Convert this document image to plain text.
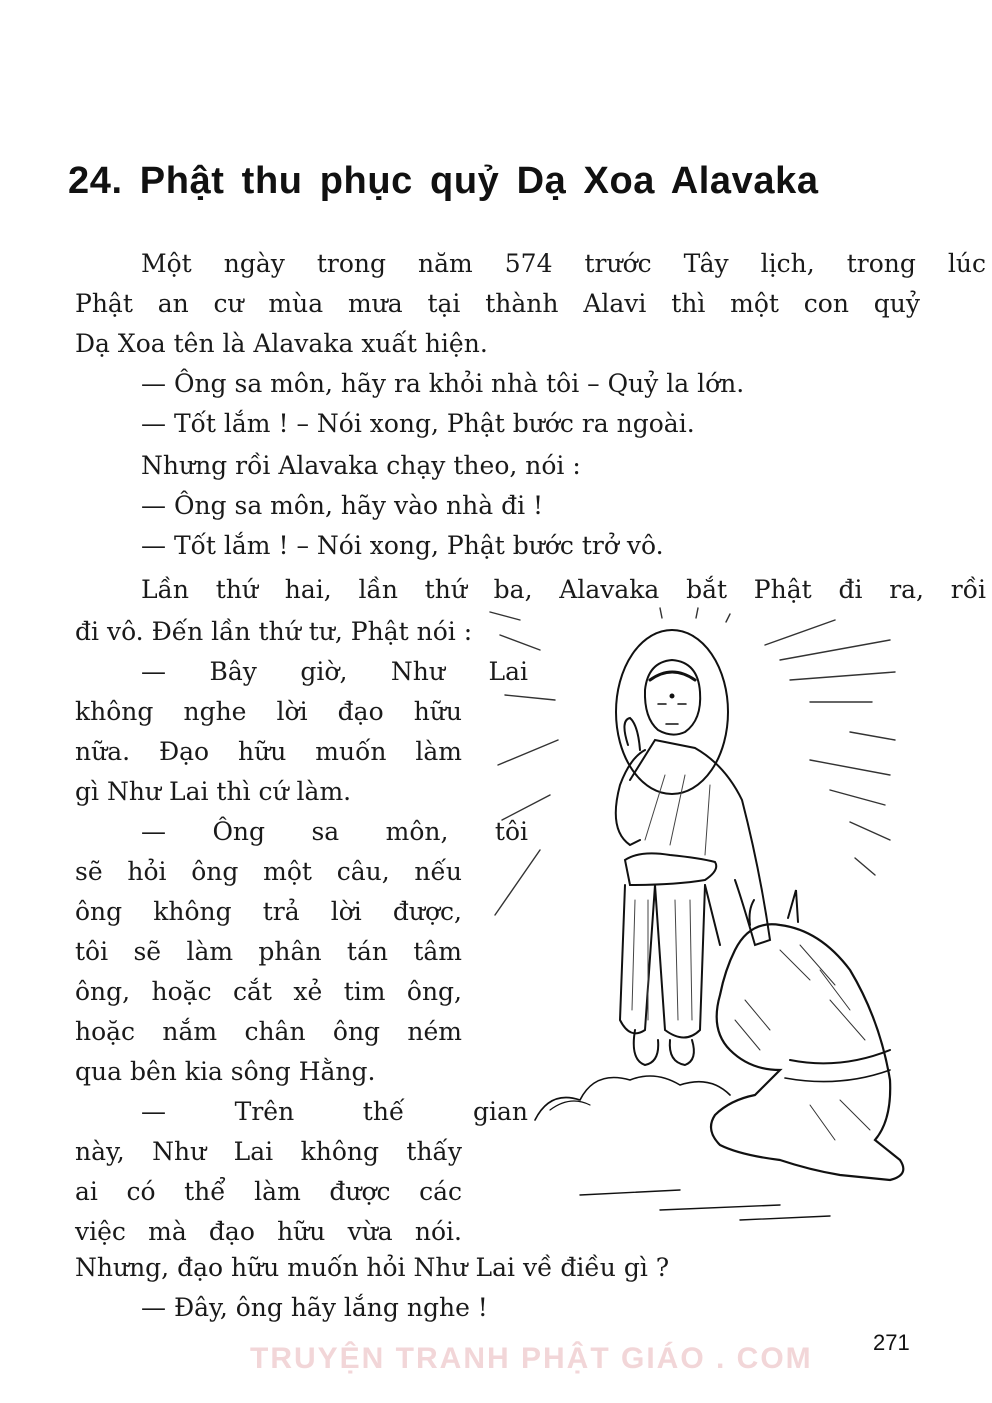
24. Phật thu phục quỷ Dạ Xoa Alavaka
Một ngày trong năm 574 trước Tây lịch, trong lúc
Phật an cư mùa mưa tại thành Alavi thì một con quỷ
Dạ Xoa tên là Alavaka xuất hiện.
— Ông sa môn, hãy ra khỏi nhà tôi – Quỷ la lớn.
— Tốt lắm ! – Nói xong, Phật bước ra ngoài.
Nhưng rồi Alavaka chạy theo, nói :
— Ông sa môn, hãy vào nhà đi !
— Tốt lắm ! – Nói xong, Phật bước trở vô.
Lần thứ hai, lần thứ ba, Alavaka bắt Phật đi ra, rồi
đi vô. Đến lần thứ tư, Phật nói :
— Bây giờ, Như Lai
không nghe lời đạo hữu
nữa. Đạo hữu muốn làm
gì Như Lai thì cứ làm.
— Ông sa môn, tôi
sẽ hỏi ông một câu, nếu
ông không trả lời được,
tôi sẽ làm phân tán tâm
ông, hoặc cắt xẻ tim ông,
hoặc nắm chân ông ném
qua bên kia sông Hằng.
— Trên thế gian
này, Như Lai không thấy
ai có thể làm được các
việc mà đạo hữu vừa nói.
Nhưng, đạo hữu muốn hỏi Như Lai về điều gì ?
— Đây, ông hãy lắng nghe !
271
TRUYỆN TRANH PHẬT GIÁO . COM
